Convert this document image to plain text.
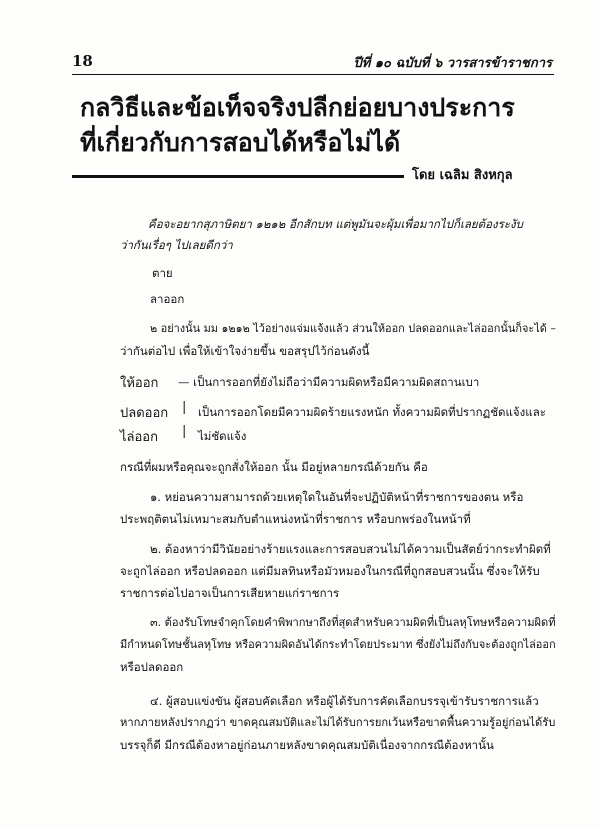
18	ปีที่ ๑๐ ฉบับที่ ๖ วารสารข้าราชการ
กลวิธีและข้อเท็จจริงปลีกย่อยบางประการ
ที่เกี่ยวกับการสอบได้หรือไม่ได้
โดย เฉลิม สิงหกุล
คือจะอยากสุภาษิตยา ๑๒๑๒ อีกสักบท แต่พูมันจะผุ้มเพื่อมากไปก็เลยต้องระงับ
ว่ากันเรื่อๆ ไปเลยดีกว่า
ตาย
ลาออก
๒ อย่างนั้น มม ๑๒๑๒ ไว้อย่างแจ่มแจ้งแล้ว ส่วนให้ออก ปลดออกและไล่ออกนั้นก็จะได้ –
ว่ากันต่อไป เพื่อให้เข้าใจง่ายขึ้น ขอสรุปไว้ก่อนดังนี้
ให้ออก — เป็นการออกที่ยังไม่ถือว่ามีความผิดหรือมีความผิดสถานเบา
ปลดออก | เป็นการออกโดยมีความผิดร้ายแรงหนัก ทั้งความผิดที่ปรากฏชัดแจ้งและ
ไล่ออก | ไม่ชัดแจ้ง
กรณีที่ผมหรือคุณจะถูกสั่งให้ออก นั้น มีอยู่หลายกรณีด้วยกัน คือ
๑. หย่อนความสามารถด้วยเหตุใดในอันที่จะปฏิบัติหน้าที่ราชการของตน หรือ
ประพฤติตนไม่เหมาะสมกับตำแหน่งหน้าที่ราชการ หรือบกพร่องในหน้าที่
๒. ต้องหาว่ามีวินัยอย่างร้ายแรงและการสอบสวนไม่ได้ความเป็นสัตย์ว่ากระทำผิดที่
จะถูกไล่ออก หรือปลดออก แต่มีมลทินหรือมัวหมองในกรณีที่ถูกสอบสวนนั้น ซึ่งจะให้รับ
ราชการต่อไปอาจเป็นการเสียหายแก่ราชการ
๓. ต้องรับโทษจำคุกโดยคำพิพากษาถึงที่สุดสำหรับความผิดที่เป็นลหุโทษหรือความผิดที่
มีกำหนดโทษชั้นลหุโทษ หรือความผิดอันได้กระทำโดยประมาท ซึ่งยังไม่ถึงกับจะต้องถูกไล่ออก
หรือปลดออก
๔. ผู้สอบแข่งขัน ผู้สอบคัดเลือก หรือผู้ได้รับการคัดเลือกบรรจุเข้ารับราชการแล้ว
หากภายหลังปรากฏว่า ขาดคุณสมบัติและไม่ได้รับการยกเว้นหรือขาดพื้นความรู้อยู่ก่อนได้รับ
บรรจุก็ดี มีกรณีต้องหาอยู่ก่อนภายหลังขาดคุณสมบัติเนื่องจากกรณีต้องหานั้น
